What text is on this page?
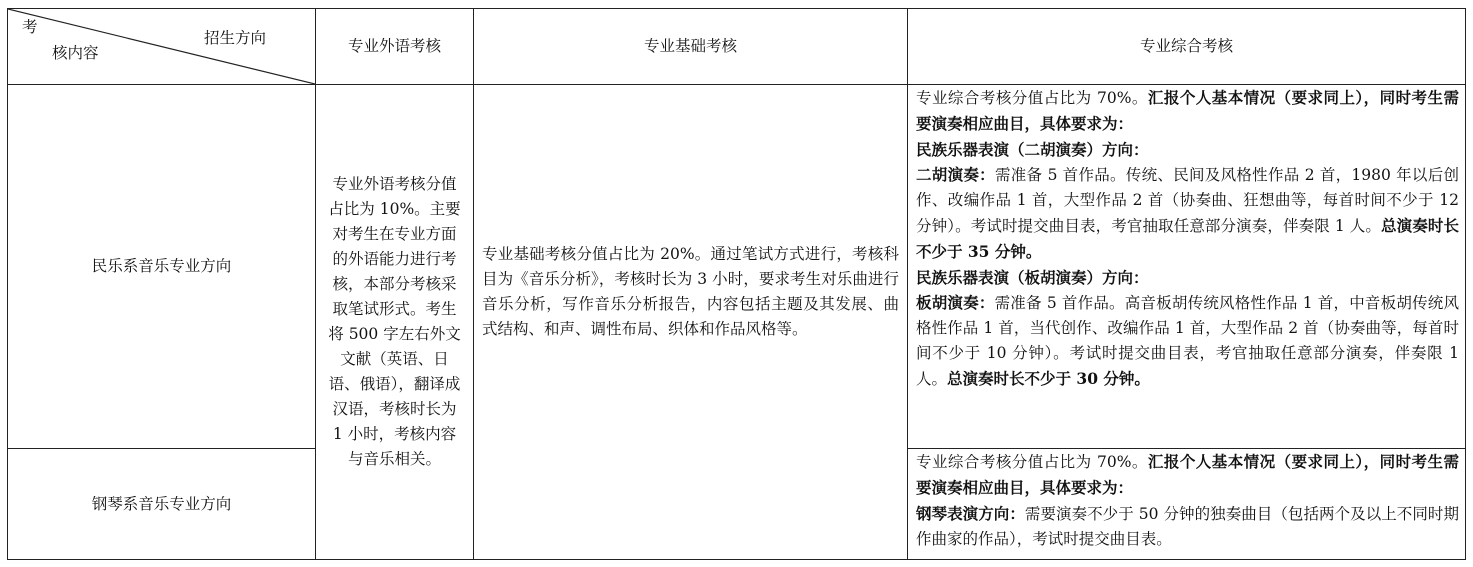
考
核内容
招生方向	专业外语考核	专业基础考核	专业综合考核
民乐系音乐专业方向	专业外语考核分值占比为 10%。主要对考生在专业方面的外语能力进行考核，本部分考核采取笔试形式。考生将 500 字左右外文文献（英语、日语、俄语），翻译成汉语，考核时长为 1 小时，考核内容与音乐相关。	专业基础考核分值占比为 20%。通过笔试方式进行，考核科目为《音乐分析》，考核时长为 3 小时，要求考生对乐曲进行音乐分析，写作音乐分析报告，内容包括主题及其发展、曲式结构、和声、调性布局、织体和作品风格等。	专业综合考核分值占比为 70%。汇报个人基本情况（要求同上），同时考生需要演奏相应曲目，具体要求为：

民族乐器表演（二胡演奏）方向：

二胡演奏：需准备 5 首作品。传统、民间及风格性作品 2 首，1980 年以后创作、改编作品 1 首，大型作品 2 首（协奏曲、狂想曲等，每首时间不少于 12 分钟）。考试时提交曲目表，考官抽取任意部分演奏，伴奏限 1 人。总演奏时长不少于 35 分钟。

民族乐器表演（板胡演奏）方向：

板胡演奏：需准备 5 首作品。高音板胡传统风格性作品 1 首，中音板胡传统风格性作品 1 首，当代创作、改编作品 1 首，大型作品 2 首（协奏曲等，每首时间不少于 10 分钟）。考试时提交曲目表，考官抽取任意部分演奏，伴奏限 1 人。总演奏时长不少于 30 分钟。

钢琴系音乐专业方向			专业综合考核分值占比为 70%。汇报个人基本情况（要求同上），同时考生需要演奏相应曲目，具体要求为：

钢琴表演方向：需要演奏不少于 50 分钟的独奏曲目（包括两个及以上不同时期作曲家的作品），考试时提交曲目表。
